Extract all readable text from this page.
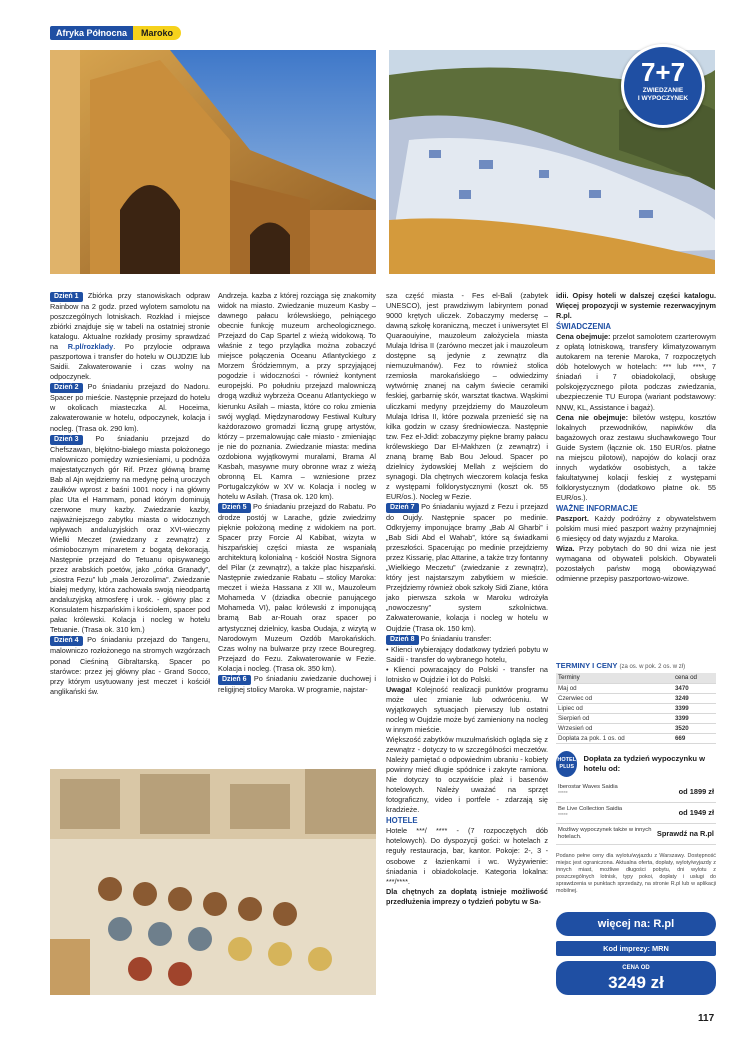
Afryka Północna	Maroko
7+7
ZWIEDZANIE
I WYPOCZYNEK
Dzień 1 Zbiórka przy stanowiskach odpraw Rainbow na 2 godz. przed wylotem samolotu na poszczególnych lotniskach. Rozkład i miejsce zbiórki znajduje się w tabeli na ostatniej stronie katalogu. Aktualne rozkłady prosimy sprawdzać na R.pl/rozklady. Po przylocie odprawa paszportowa i transfer do hotelu w OUJDZIE lub Saidii. Zakwaterowanie i czas wolny na odpoczynek.
Dzień 2 Po śniadaniu przejazd do Nadoru. Spacer po mieście. Następnie przejazd do hotelu w okolicach miasteczka Al. Hoceima, zakwaterowanie w hotelu, odpoczynek, kolacja i nocleg. (Trasa ok. 290 km).
Dzień 3 Po śniadaniu przejazd do Chefszawan, błękitno-białego miasta położonego malowniczo pomiędzy wzniesieniami, u podnóża majestatycznych gór Rif. Przez główną bramę Bab al Ajn wejdziemy na medynę pełną uroczych zaułków wprost z baśni 1001 nocy i na główny plac Uta el Hammam, ponad którym dominują czerwone mury kazby. Zwiedzanie kazby, najważniejszego zabytku miasta o widocznych wpływach andaluzyjskich oraz XVI-wieczny Wielki Meczet (zwiedzany z zewnątrz) z ośmiobocznym minaretem z bogatą dekoracją. Następnie przejazd do Tetuanu opisywanego przez arabskich poetów, jako „córka Granady”, „siostra Fezu” lub „mała Jerozolima”. Zwiedzanie białej medyny, która zachowała swoją nieodpartą andaluzyjską atmosferę i urok. - główny plac z Konsulatem hiszpańskim i kościołem, spacer pod pałac królewski. Kolacja i nocleg w hotelu Tetuanie. (Trasa ok. 310 km.)
Dzień 4 Po śniadaniu przejazd do Tangeru, malowniczo rozłożonego na stromych wzgórzach ponad Cieśniną Gibraltarską. Spacer po starówce: przez jej główny plac - Grand Socco, przy którym usytuowany jest meczet i kościół anglikański św.
Andrzeja. kazba z której rozciąga się znakomity widok na miasto. Zwiedzanie muzeum Kasby – dawnego pałacu królewskiego, pełniącego obecnie funkcję muzeum archeologicznego. Przejazd do Cap Spartel z wieżą widokową. To właśnie z tego przylądka można zobaczyć miejsce połączenia Oceanu Atlantyckiego z Morzem Śródziemnym, a przy sprzyjającej pogodzie i widoczności - również kontynent europejski. Po południu przejazd malowniczą drogą wzdłuż wybrzeża Oceanu Atlantyckiego w kierunku Asilah – miasta, które co roku zmienia swój wygląd. Międzynarodowy Festiwal Kultury każdorazowo gromadzi liczną grupę artystów, którzy – przemalowując całe miasto - zmieniając je nie do poznania. Zwiedzanie miasta: medina ozdobiona wyjątkowymi muralami, Brama Al Kasbah, masywne mury obronne wraz z wieżą obronną EL Kamra – wzniesione przez Portugalczyków w XV w. Kolacja i nocleg w hotelu w Asilah. (Trasa ok. 120 km).
Dzień 5 Po śniadaniu przejazd do Rabatu. Po drodze postój w Larache, gdzie zwiedzimy pięknie położoną medinę z widokiem na port. Spacer przy Forcie Al Kabibat, wizyta w hiszpańskiej części miasta ze wspaniałą architekturą kolonialną - kościół Nostra Signora del Pilar (z zewnątrz), a także plac hiszpański. Następnie zwiedzanie Rabatu – stolicy Maroka: meczet i wieża Hassana z XII w., Mauzoleum Mohameda V (dziadka obecnie panującego Mohameda VI), pałac królewski z imponującą bramą Bab ar-Rouah oraz spacer po artystycznej dzielnicy, kasba Oudaja, z wizytą w Narodowym Muzeum Ozdób Marokańskich. Czas wolny na bulwarze przy rzece Bouregreg. Przejazd do Fezu. Zakwaterowanie w Fezie. Kolacja i nocleg. (Trasa ok. 350 km).
Dzień 6 Po śniadaniu zwiedzanie duchowej i religijnej stolicy Maroka. W programie, najstar-
sza część miasta - Fes el-Bali (zabytek UNESCO), jest prawdziwym labiryntem ponad 9000 krętych uliczek. Zobaczymy medersę – dawną szkołę koraniczną, meczet i uniwersytet El Quaraouiyine, mauzoleum założyciela miasta Mulaja Idrisa II (zarówno meczet jak i mauzoleum dostępne są jedynie z zewnątrz dla niemuzułmanów). Fez to również stolica rzemiosła marokańskiego – odwiedzimy wytwórnię znanej na całym świecie ceramiki feskiej, garbarnię skór, warsztat tkactwa. Wąskimi uliczkami medyny przejdziemy do Mauzoleum Mulaja Idrisa II, które pozwala przenieść się na kilka godzin w czasy średniowiecza. Następnie tzw. Fez el-Jdid: zobaczymy piękne bramy pałacu królewskiego Dar El-Makhzen (z zewnątrz) i znaną bramę Bab Bou Jeloud. Spacer po dzielnicy żydowskiej Mellah z wejściem do synagogi. Dla chętnych wieczorem kolacja feska z występami folklorystycznymi (koszt ok. 55 EUR/os.). Nocleg w Fezie.
Dzień 7 Po śniadaniu wyjazd z Fezu i przejazd do Oujdy. Następnie spacer po medinie. Odkryjemy imponujące bramy „Bab Al Gharbi” i „Bab Sidi Abd el Wahab”, które są świadkami przeszłości. Spacerując po medinie przejdziemy przez Kissarię, plac Attarine, a także trzy fontanny „Wielkiego Meczetu” (zwiedzanie z zewnątrz), który jest najstarszym zabytkiem w mieście. Przejdziemy również obok szkoły Sidi Ziane, która jako pierwsza szkoła w Maroku wdrożyła „nowoczesny” system szkolnictwa. Zakwaterowanie, kolacja i nocleg w hotelu w Oujdzie (Trasa ok. 150 km).
Dzień 8 Po śniadaniu transfer:
• Klienci wybierający dodatkowy tydzień pobytu w Saidii - transfer do wybranego hotelu,
• Klienci powracający do Polski - transfer na lotnisko w Oujdzie i lot do Polski.
Uwaga! Kolejność realizacji punktów programu może ulec zmianie lub odwróceniu. W wyjątkowych sytuacjach pierwszy lub ostatni nocleg w Oujdzie może być zamieniony na nocleg w innym mieście.
Większość zabytków muzułmańskich ogląda się z zewnątrz - dotyczy to w szczególności meczetów. Należy pamiętać o odpowiednim ubraniu - kobiety powinny mieć długie spódnice i zakryte ramiona. Nie dotyczy to oczywiście plaż i basenów hotelowych. Należy uważać na sprzęt fotograficzny, video i portfele - zdarzają się kradzieże.

HOTELE
Hotele ***/ **** - (7 rozpoczętych dób hotelowych). Do dyspozycji gości: w hotelach z reguły restauracja, bar, kantor. Pokoje: 2-, 3 - osobowe z łazienkami i wc. Wyżywienie: śniadania i obiadokolacje. Kategoria lokalna: ***/****.
Dla chętnych za dopłatą istnieje możliwość przedłużenia imprezy o tydzień pobytu w Sa-
idii. Opisy hoteli w dalszej części katalogu. Więcej propozycji w systemie rezerwacyjnym R.pl.

ŚWIADCZENIA
Cena obejmuje: przelot samolotem czarterowym z opłatą lotniskową, transfery klimatyzowanym autokarem na terenie Maroka, 7 rozpoczętych dób hotelowych w hotelach: *** lub ****, 7 śniadań i 7 obiadokolacji, obsługę polskojęzycznego pilota podczas zwiedzania, ubezpieczenie TU Europa (wariant podstawowy: NNW, KL, Assistance i bagaż).
Cena nie obejmuje: biletów wstępu, kosztów lokalnych przewodników, napiwków dla bagażowych oraz zestawu słuchawkowego Tour Guide System (łącznie ok. 150 EUR/os. płatne na miejscu pilotowi), napojów do kolacji oraz innych wydatków osobistych, a także fakultatywnej kolacji feskiej z występami folklorystycznym (dodatkowo płatne ok. 55 EUR/os.).

WAŻNE INFORMACJE
Paszport. Każdy podróżny z obywatelstwem polskim musi mieć paszport ważny przynajmniej 6 miesięcy od daty wyjazdu z Maroka.
Wiza. Przy pobytach do 90 dni wiza nie jest wymagana od obywateli polskich. Obywateli pozostałych państw mogą obowiązywać odmienne przepisy paszportowo-wizowe.
TERMINY I CENY (za os. w pok. 2 os. w zł)
Terminy	cena od
Maj od	3470
Czerwiec od	3249
Lipiec od	3399
Sierpień od	3399
Wrzesień od	3520
Dopłata za pok. 1 os. od	669
HOTEL
PLUS
Dopłata za tydzień wypoczynku w hotelu od:
Iberostar Waves Saidia
*****	od 1899 zł
Be Live Collection Saidia
*****	od 1949 zł
Możliwy wypoczynek także w innych hotelach.	Sprawdź na R.pl
Podano pełne ceny dla wylotu/wyjazdu z Warszawy. Dostępność miejsc jest ograniczona. Aktualna oferta, dopłaty, wyloty/wyjazdy z innych miast, możliwe długości pobytu, dni wylotu z poszczególnych lotnisk, typy pokoi, dopłaty i usługi do sprawdzenia w punktach sprzedaży, na stronie R.pl lub w aplikacji mobilnej.
więcej na: R.pl
Kod imprezy: MRN
CENA OD
3249 zł
117
